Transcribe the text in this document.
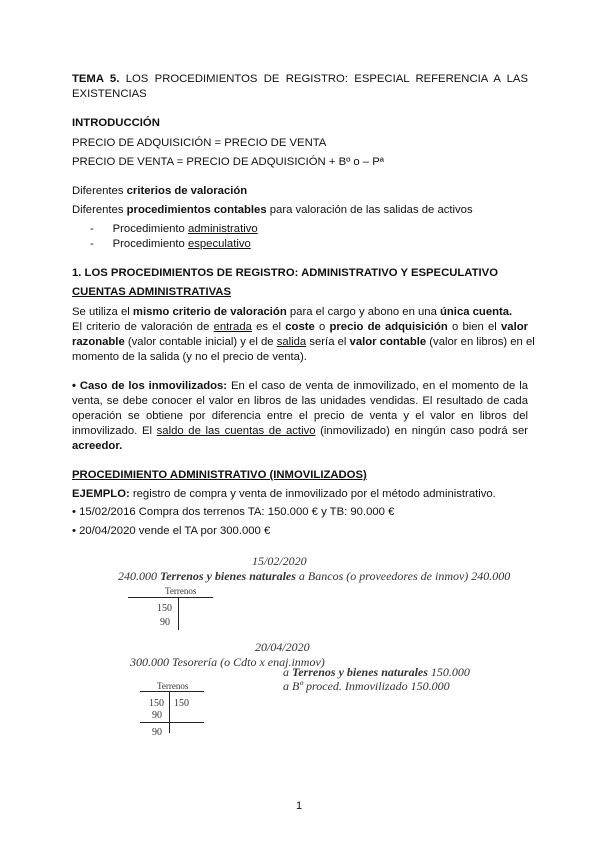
TEMA 5. LOS PROCEDIMIENTOS DE REGISTRO: ESPECIAL REFERENCIA A LAS
EXISTENCIAS
INTRODUCCIÓN
PRECIO DE ADQUISICIÓN = PRECIO DE VENTA
PRECIO DE VENTA = PRECIO DE ADQUISICIÓN + Bº o – Pª
Diferentes criterios de valoración
Diferentes procedimientos contables para valoración de las salidas de activos
-      Procedimiento administrativo
-      Procedimiento especulativo
1. LOS PROCEDIMIENTOS DE REGISTRO: ADMINISTRATIVO Y ESPECULATIVO
CUENTAS ADMINISTRATIVAS
Se utiliza el mismo criterio de valoración para el cargo y abono en una única cuenta.
El criterio de valoración de entrada es el coste o precio de adquisición o bien el valor
razonable (valor contable inicial) y el de salida sería el valor contable (valor en libros) en el
momento de la salida (y no el precio de venta).
• Caso de los inmovilizados: En el caso de venta de inmovilizado, en el momento de la
venta, se debe conocer el valor en libros de las unidades vendidas. El resultado de cada
operación se obtiene por diferencia entre el precio de venta y el valor en libros del
inmovilizado. El saldo de las cuentas de activo (inmovilizado) en ningún caso podrá ser
acreedor.
PROCEDIMIENTO ADMINISTRATIVO (INMOVILIZADOS)
EJEMPLO: registro de compra y venta de inmovilizado por el método administrativo.
• 15/02/2016 Compra dos terrenos TA: 150.000 € y TB: 90.000 €
• 20/04/2020 vende el TA por 300.000 €
15/02/2020
240.000 Terrenos y bienes naturales a Bancos (o proveedores de inmov) 240.000
Terrenos
150
90
20/04/2020
300.000 Tesorería (o Cdto x enaj.inmov)
a Terrenos y bienes naturales 150.000
a Bº proced. Inmovilizado 150.000
Terrenos
150 150
90
90
1
